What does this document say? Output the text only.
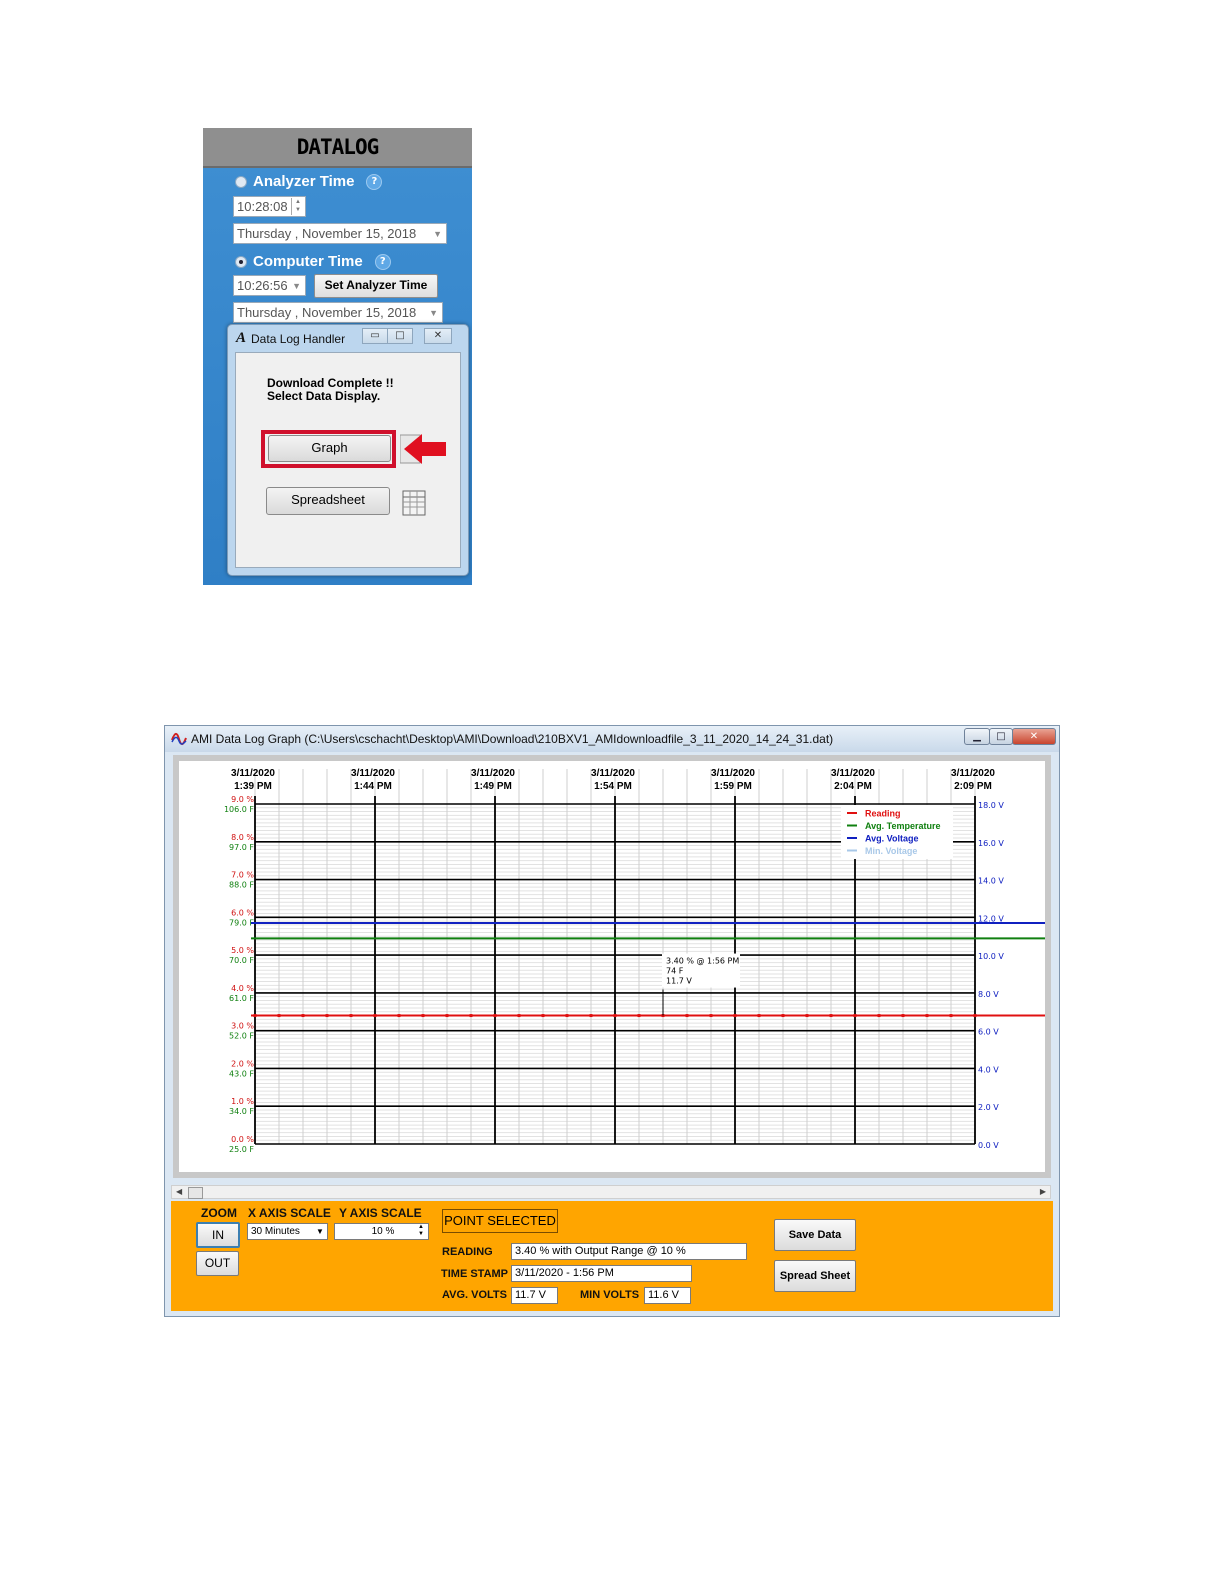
DATALOG
Analyzer Time	?
10:28:08	▲
▼
Thursday , November 15, 2018 ▼
Computer Time	?
10:26:56 ▼	Set Analyzer Time
Thursday , November 15, 2018 ▼
A Data Log Handler	▭	□	✕
Download Complete !!
Select Data Display.
Graph
Spreadsheet
AMI Data Log Graph (C:\Users\cschacht\Desktop\AMI\Download\210BXV1_AMIdownloadfile_3_11_2020_14_24_31.dat)	▁	□	✕
3/11/2020
1:39 PM
3/11/2020
1:44 PM
3/11/2020
1:49 PM
3/11/2020
1:54 PM
3/11/2020
1:59 PM
3/11/2020
2:04 PM
3/11/2020
2:09 PM
9.0 %
106.0 F	18.0 V
8.0 %
97.0 F	16.0 V
7.0 %
88.0 F	14.0 V
6.0 %
79.0 F	12.0 V
5.0 %
70.0 F	10.0 V
4.0 %
61.0 F	8.0 V
3.0 %
52.0 F	6.0 V
2.0 %
43.0 F	4.0 V
1.0 %
34.0 F	2.0 V
0.0 %
25.0 F	0.0 V
3.40 % @ 1:56 PM
74 F
11.7 V
Reading
Avg. Temperature
Avg. Voltage
Min. Voltage
◀	▶
ZOOM X AXIS SCALE Y AXIS SCALE
IN
OUT
30 Minutes	▼	10 %	▲
▼
POINT SELECTED
READING	3.40 % with Output Range @ 10 %
TIME STAMP 3/11/2020 - 1:56 PM
AVG. VOLTS 11.7 V	MIN VOLTS 11.6 V
Save Data
Spread Sheet
